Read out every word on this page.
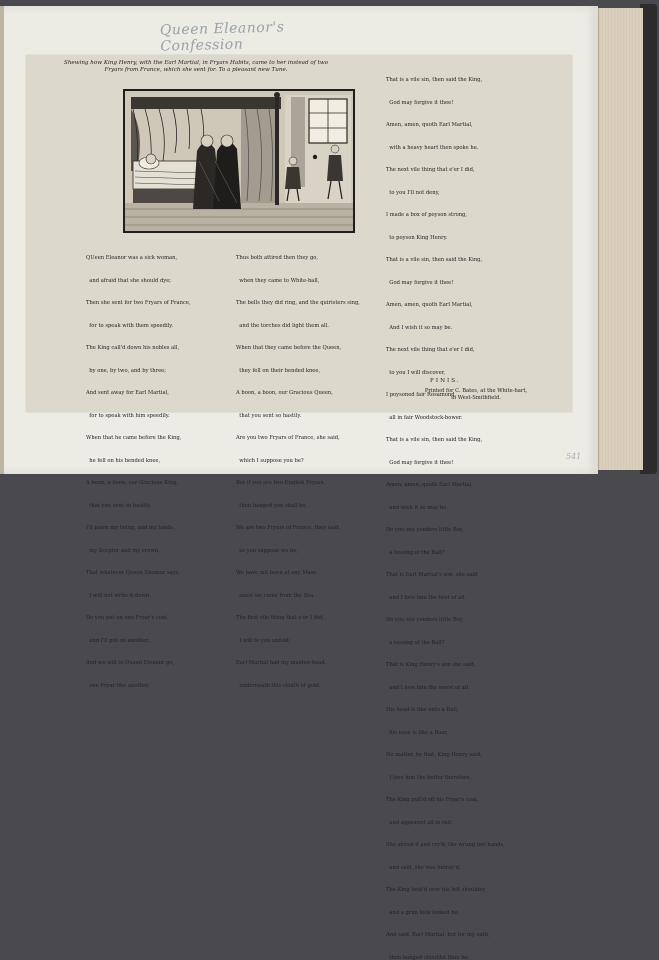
Queen Eleanor's Confession
Shewing how King Henry, with the Earl Martial, in Fryars Habits, came to her instead of two
Fryars from France, which she sent for. To a pleasant new Tune.

QUeen Eleanor was a sick woman,

and afraid that she should dye;

Then she sent for two Fryars of France,

for to speak with them speedily.

The King call'd down his nobles all,

by one, by two, and by three;

And sent away for Earl Martial,

for to speak with him speedily.

When that he came before the King,

he fell on his bended knee,

A boon, a boon, our Gracious King,

that you sent so hastily.

I'll pawn my living, and my lands,

my Scepter and my crown,

That whatever Queen Eleanor says,

I will not write it down.

Do you put on one Fryar's coat,

and I'll put on another,

And we will to Queen Eleanor go,

one Fryar like another.

Thus both attired then they go,

when they came to White-hall,

The bells they did ring, and the quiristers sing,

and the torches did light them all.

When that they came before the Queen,

they fell on their bended knee,

A boon, a boon, our Gracious Queen,

that you sent so hastily.

Are you two Fryars of France, she said,

which I suppose you be?

But if you are two English Fryars,

then hanged you shall be.

We are two Fryars of France, they said,

as you suppose we be,

We have not been at any Mass

since we came from the Sea.

The first vile thing that e'er I did,

I will to you unfold;

Earl Martial had my maiden-head,

underneath this cloath of gold.

That is a vile sin, then said the King,

God may forgive it thee!

Amen, amen, quoth Earl Martial,

with a heavy heart then spoke he.

The next vile thing that e'er I did,

to you I'll not deny,

I made a box of poyson strong,

to poyson King Henry.

That is a vile sin, then said the King,

God may forgive it thee!

Amen, amen, quoth Earl Martial,

And I wish it so may be.

The next vile thing that e'er I did,

to you I will discover,

I poysoned fair Rosamond,

all in fair Woodstock-bower.

That is a vile sin, then said the King,

God may forgive it thee!

Amen, amen, quoth Earl Martial,

and wish it so may be.

Do you see yonders little Boy,

a tossing of the Ball?

That is Earl Martial's son, she said,

and I love him the best of all.

Do you see yonders little Boy,

a tossing of the Ball?

That is King Henry's son she said,

and I love him the worst of all.

His head is like unto a Bull,

his nose is like a Boar,

No matter, by that, King Henry said,

I love him the better therefore.

The King pull'd off his Fryar's coat,

and appeared all in red;

She shriek'd and cry'd, the wrung her hands,

and said, she was betray'd.

The King look'd over his left shoulder,

and a grim look looked he,

And said, Earl Martial, but for my oath,

then hanged shouldst thou be.

FINIS.
Printed for C. Bates, at the White-hart,
in West-Smithfield.
541
